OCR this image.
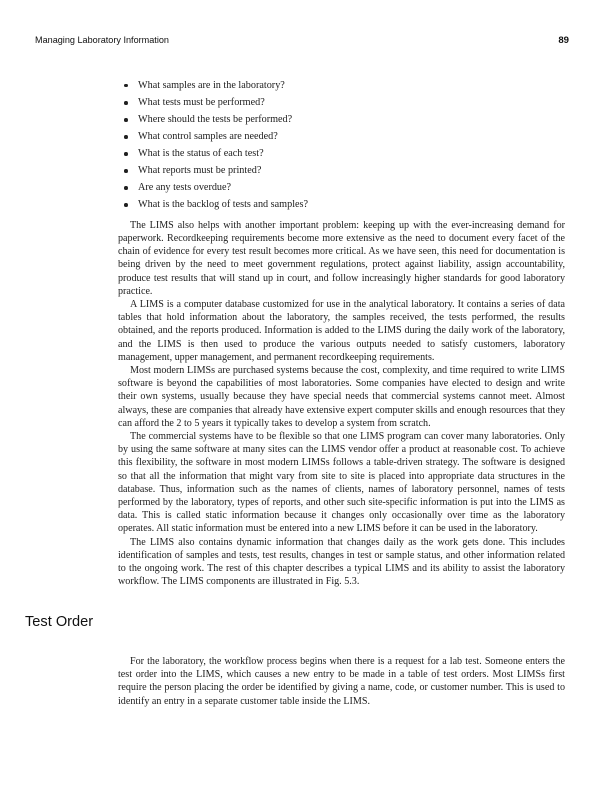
Managing Laboratory Information	89
What samples are in the laboratory?
What tests must be performed?
Where should the tests be performed?
What control samples are needed?
What is the status of each test?
What reports must be printed?
Are any tests overdue?
What is the backlog of tests and samples?

The LIMS also helps with another important problem: keeping up with the ever-increasing demand for paperwork. Recordkeeping requirements become more extensive as the need to document every facet of the chain of evidence for every test result becomes more critical. As we have seen, this need for documentation is being driven by the need to meet government regulations, protect against liability, assign accountability, produce test results that will stand up in court, and follow increasingly higher standards for good laboratory practice.

A LIMS is a computer database customized for use in the analytical laboratory. It contains a series of data tables that hold information about the laboratory, the samples received, the tests performed, the results obtained, and the reports produced. Information is added to the LIMS during the daily work of the laboratory, and the LIMS is then used to produce the various outputs needed to satisfy customers, laboratory management, upper management, and permanent recordkeeping requirements.

Most modern LIMSs are purchased systems because the cost, complexity, and time required to write LIMS software is beyond the capabilities of most laboratories. Some companies have elected to design and write their own systems, usually because they have special needs that commercial systems cannot meet. Almost always, these are companies that already have extensive expert computer skills and enough resources that they can afford the 2 to 5 years it typically takes to develop a system from scratch.

The commercial systems have to be flexible so that one LIMS program can cover many laboratories. Only by using the same software at many sites can the LIMS vendor offer a product at reasonable cost. To achieve this flexibility, the software in most modern LIMSs follows a table-driven strategy. The software is designed so that all the information that might vary from site to site is placed into appropriate data structures in the database. Thus, information such as the names of clients, names of laboratory personnel, names of tests performed by the laboratory, types of reports, and other such site-specific information is put into the LIMS as data. This is called static information because it changes only occasionally over time as the laboratory operates. All static information must be entered into a new LIMS before it can be used in the laboratory.

The LIMS also contains dynamic information that changes daily as the work gets done. This includes identification of samples and tests, test results, changes in test or sample status, and other information related to the ongoing work. The rest of this chapter describes a typical LIMS and its ability to assist the laboratory workflow. The LIMS components are illustrated in Fig. 5.3.

Test Order

For the laboratory, the workflow process begins when there is a request for a lab test. Someone enters the test order into the LIMS, which causes a new entry to be made in a table of test orders. Most LIMSs first require the person placing the order be identified by giving a name, code, or customer number. This is used to identify an entry in a separate customer table inside the LIMS.
